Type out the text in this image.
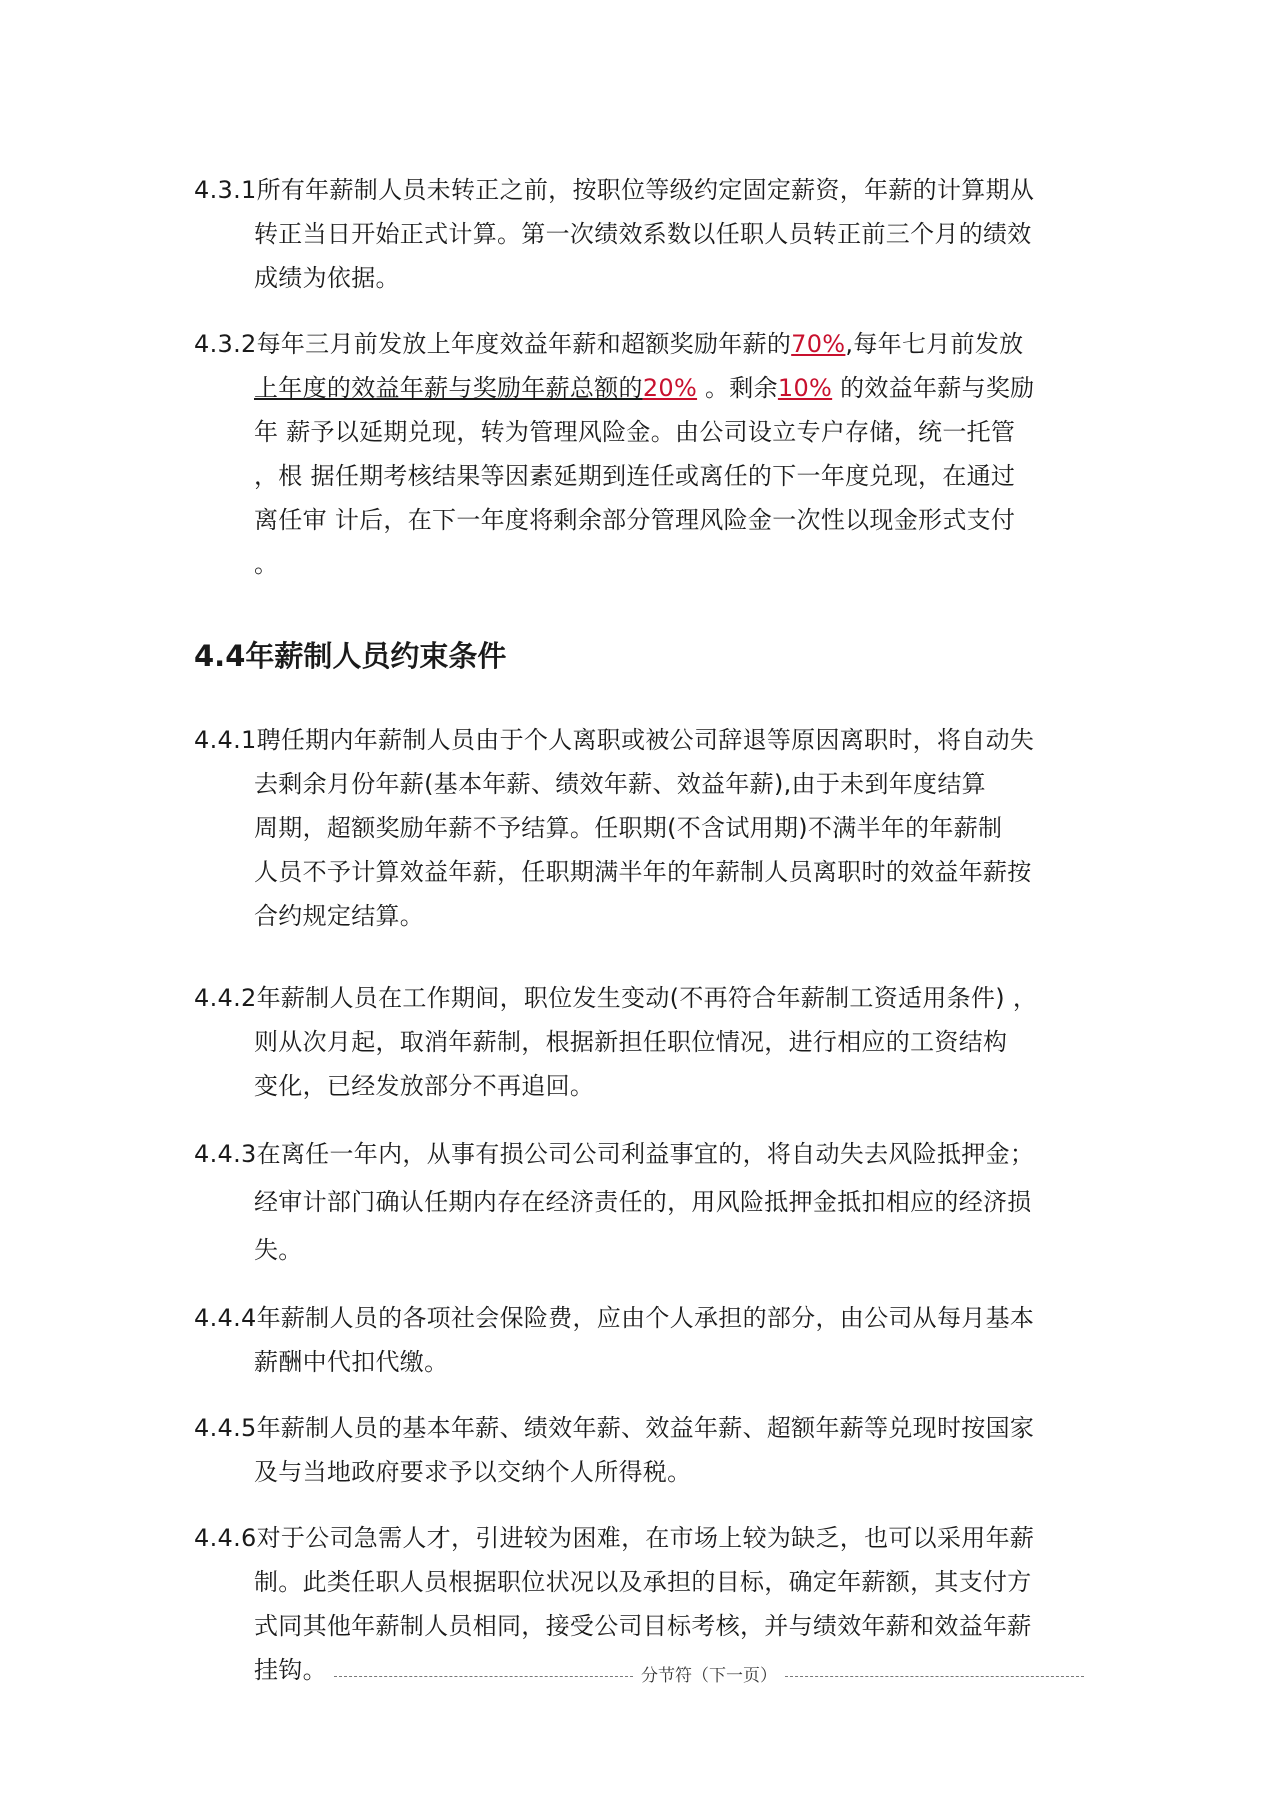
4.3.1所有年薪制人员未转正之前，按职位等级约定固定薪资，年薪的计算期从
转正当日开始正式计算。第一次绩效系数以任职人员转正前三个月的绩效
成绩为依据。
4.3.2每年三月前发放上年度效益年薪和超额奖励年薪的70%,每年七月前发放
上年度的效益年薪与奖励年薪总额的20% 。剩余10% 的效益年薪与奖励
年 薪予以延期兑现，转为管理风险金。由公司设立专户存储，统一托管
，根 据任期考核结果等因素延期到连任或离任的下一年度兑现，在通过
离任审 计后，在下一年度将剩余部分管理风险金一次性以现金形式支付
。
4.4年薪制人员约束条件
4.4.1聘任期内年薪制人员由于个人离职或被公司辞退等原因离职时，将自动失
去剩余月份年薪(基本年薪、绩效年薪、效益年薪),由于未到年度结算
周期，超额奖励年薪不予结算。任职期(不含试用期)不满半年的年薪制
人员不予计算效益年薪，任职期满半年的年薪制人员离职时的效益年薪按
合约规定结算。
4.4.2年薪制人员在工作期间，职位发生变动(不再符合年薪制工资适用条件) ，
则从次月起，取消年薪制，根据新担任职位情况，进行相应的工资结构
变化，已经发放部分不再追回。
4.4.3在离任一年内，从事有损公司公司利益事宜的，将自动失去风险抵押金；
经审计部门确认任期内存在经济责任的，用风险抵押金抵扣相应的经济损
失。
4.4.4年薪制人员的各项社会保险费，应由个人承担的部分，由公司从每月基本
薪酬中代扣代缴。
4.4.5年薪制人员的基本年薪、绩效年薪、效益年薪、超额年薪等兑现时按国家
及与当地政府要求予以交纳个人所得税。
4.4.6对于公司急需人才，引进较为困难，在市场上较为缺乏，也可以采用年薪
制。此类任职人员根据职位状况以及承担的目标，确定年薪额，其支付方
式同其他年薪制人员相同，接受公司目标考核，并与绩效年薪和效益年薪
挂钩。	分节符（下一页）
